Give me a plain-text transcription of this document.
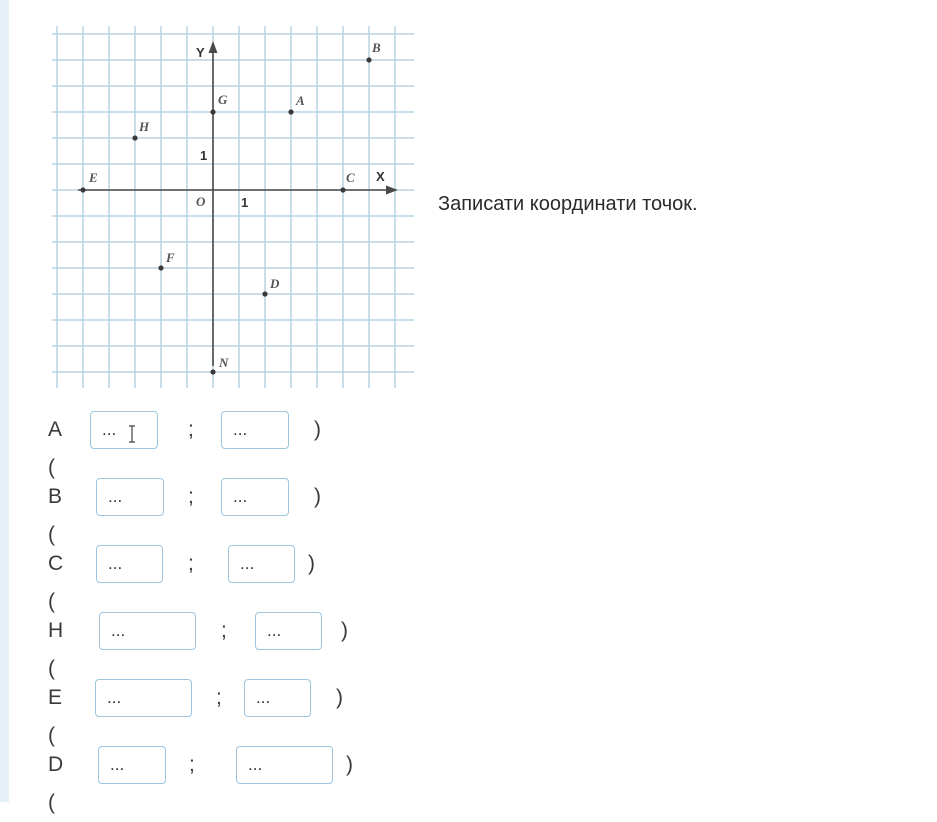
X
Y
O	1
1
A
B
C
D
E
F
G
H
N
Записати координати точок.
A (
...
;
...	)
B (
...
;
...	)
C (
...
;
...	)
H (
...
;
...	)
E (
...
;
...	)
D (
...
;
...	)
